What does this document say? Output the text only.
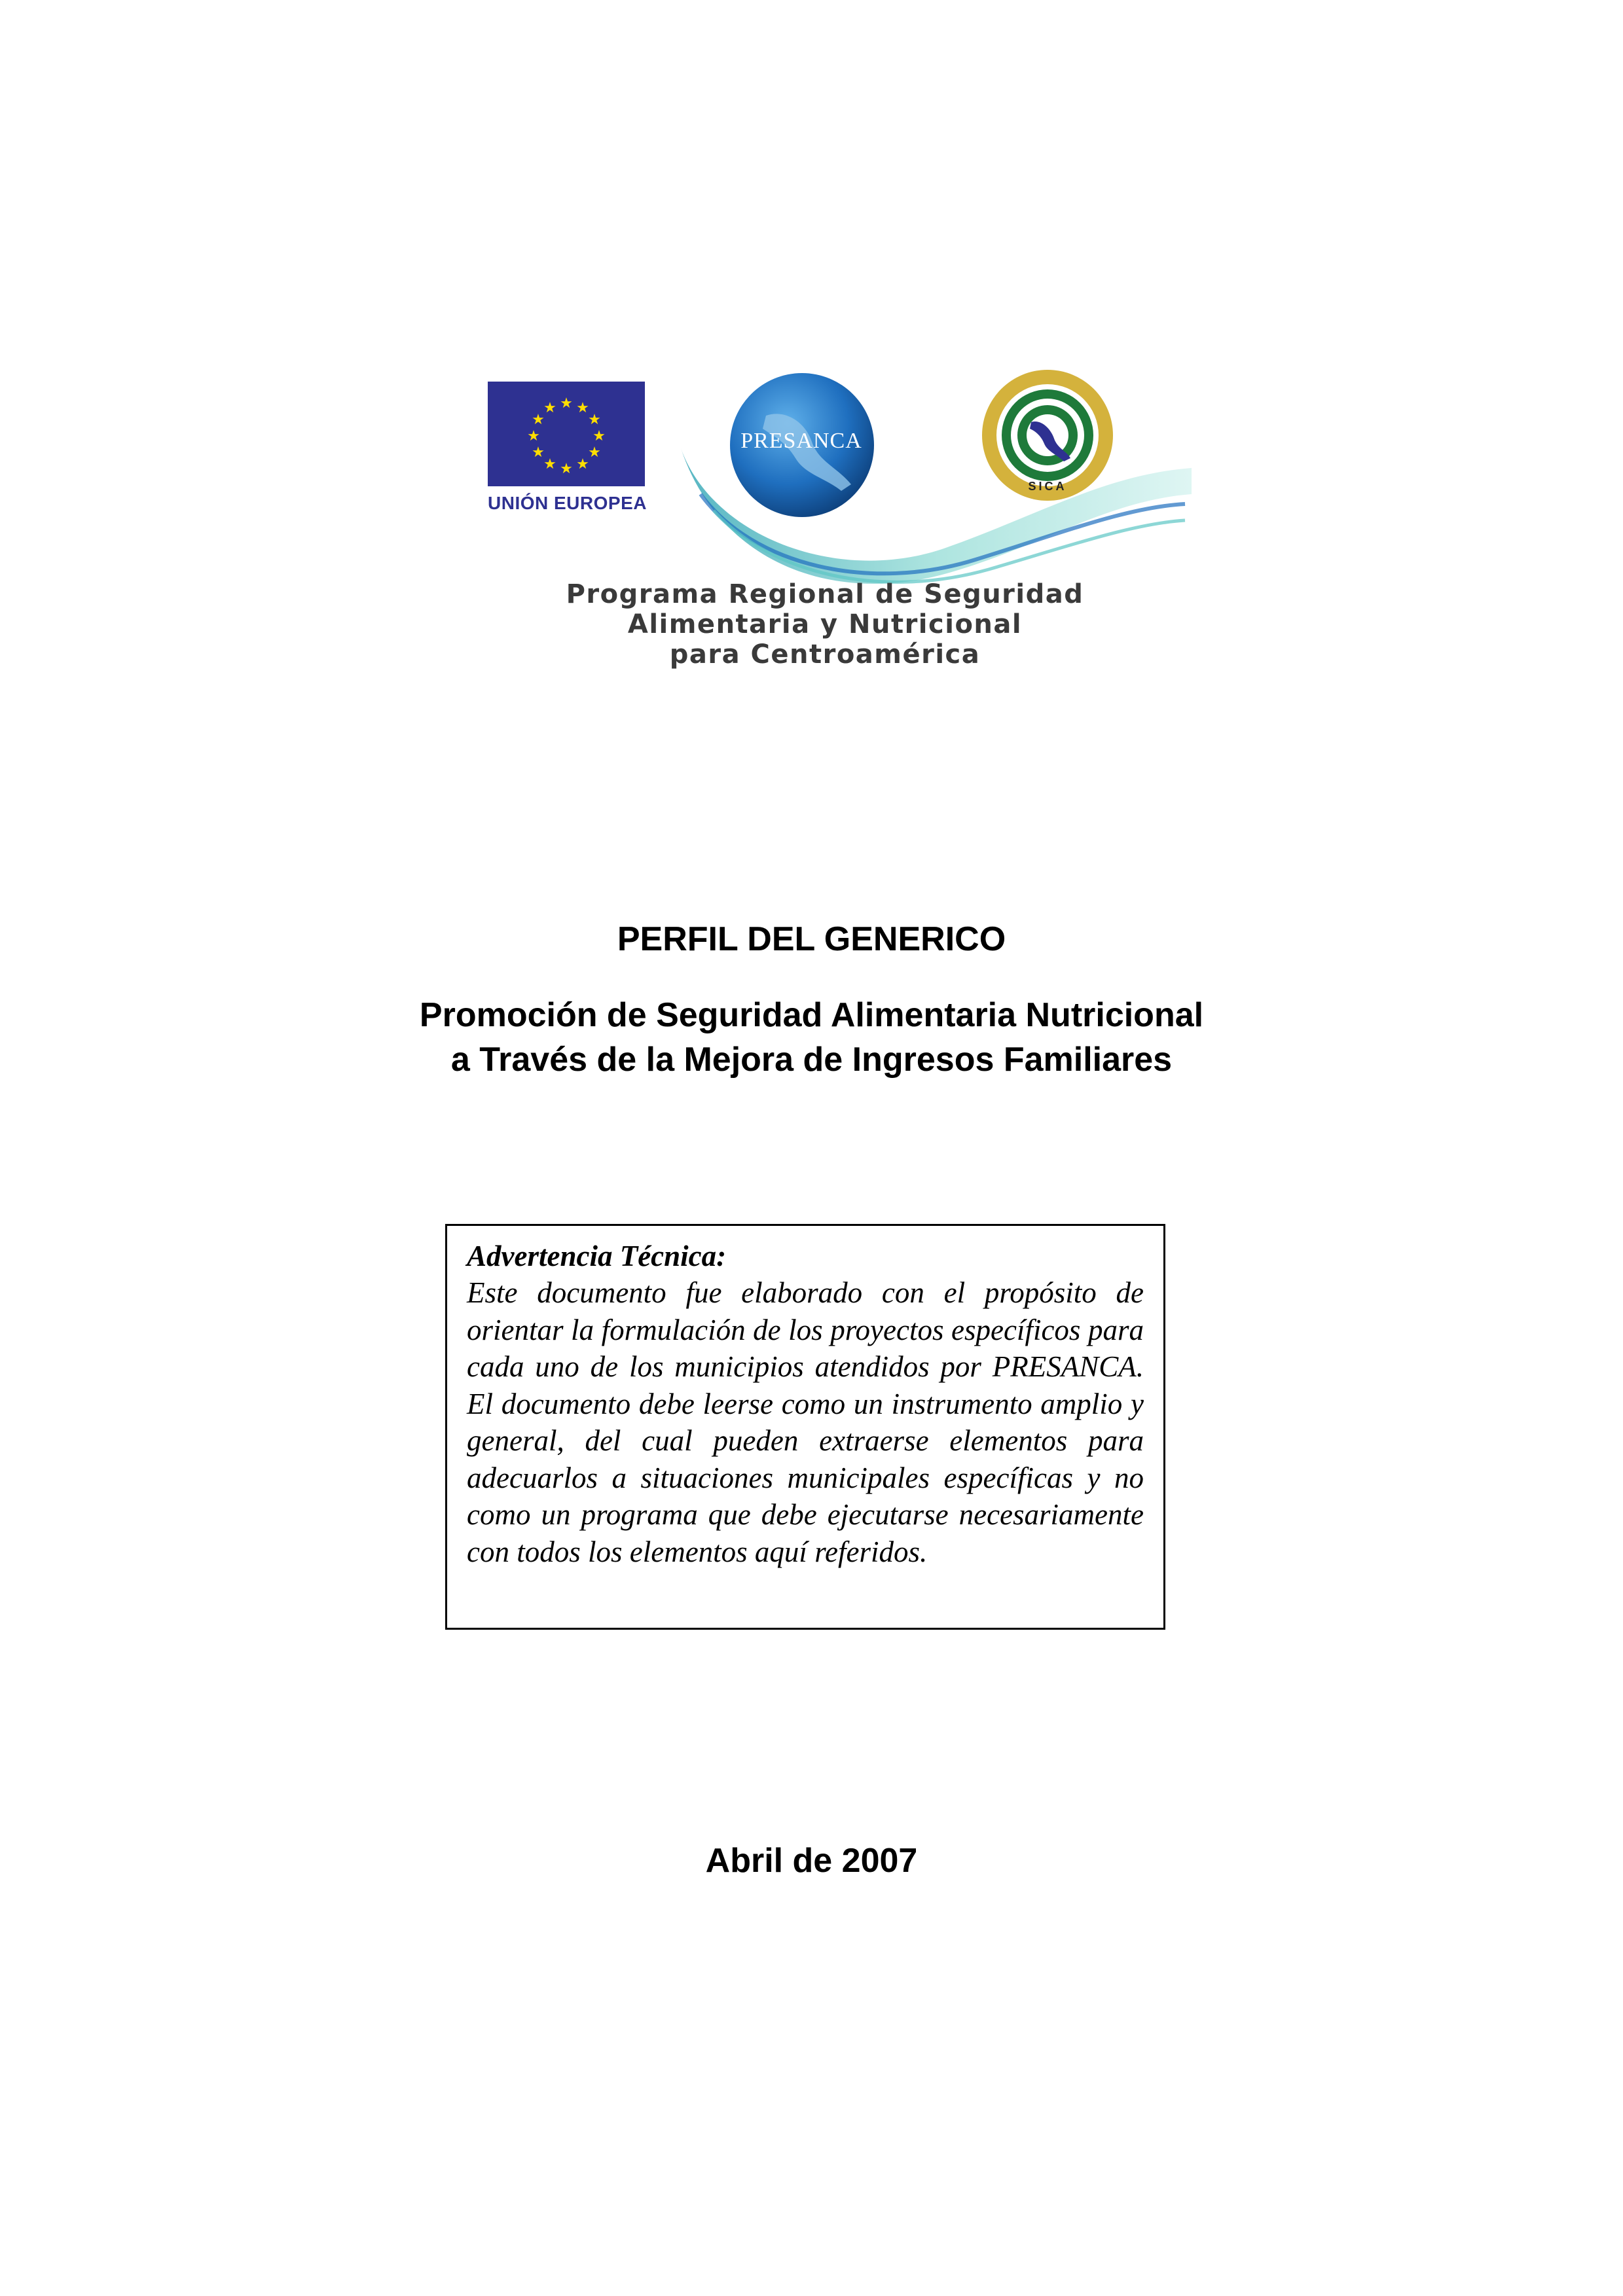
★ ★
★
★
★
★
★
★
★
★
★
★
UNIÓN EUROPEA
PRESANCA
SICA
Programa Regional de Seguridad
Alimentaria y Nutricional
para Centroamérica
PERFIL DEL GENERICO
Promoción de Seguridad Alimentaria Nutricional
a Través de la Mejora de Ingresos Familiares
Advertencia Técnica:
Este documento fue elaborado con el propósito de orientar la formulación de los proyectos específicos para cada uno de los municipios atendidos por PRESANCA. El documento debe leerse como un instrumento amplio y general, del cual pueden extraerse elementos para adecuarlos a situaciones municipales específicas y no como un programa que debe ejecutarse necesariamente con todos los elementos aquí referidos.
Abril de 2007
